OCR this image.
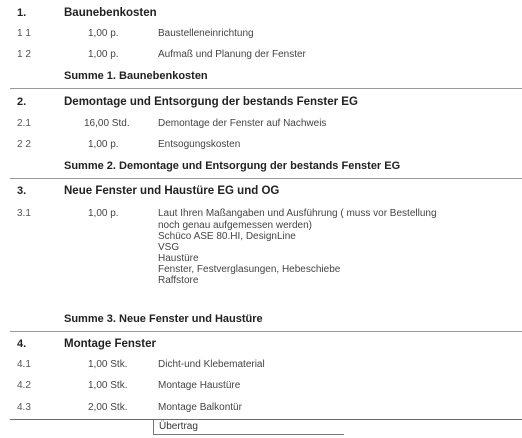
1.	Baunebenkosten
1 1	1,00 p.	Baustelleneinrichtung
1 2	1,00 p.	Aufmaß und Planung der Fenster
Summe 1. Baunebenkosten
2.	Demontage und Entsorgung der bestands Fenster EG
2.1	16,00 Std.	Demontage der Fenster auf Nachweis
2 2	1,00 p.	Entsogungskosten
Summe 2. Demontage und Entsorgung der bestands Fenster EG
3.	Neue Fenster und Haustüre EG und OG
3.1	1,00 p.	Laut Ihren Maßangaben und Ausführung ( muss vor Bestellung
noch genau aufgemessen werden)
Schüco ASE 80.HI, DesignLine
VSG
Haustüre
Fenster, Festverglasungen, Hebeschiebe
Raffstore
Summe 3. Neue Fenster und Haustüre
4.	Montage Fenster
4.1	1,00 Stk.	Dicht-und Klebematerial
4.2	1,00 Stk.	Montage Haustüre
4.3	2,00 Stk.	Montage Balkontür
Übertrag
